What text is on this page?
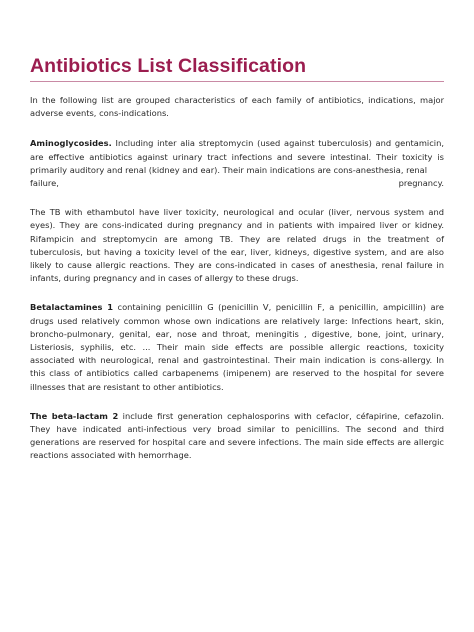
Antibiotics List Classification

In the following list are grouped characteristics of each family of antibiotics, indications, major adverse events, cons-indications.

Aminoglycosides. Including inter alia streptomycin (used against tuberculosis) and gentamicin, are effective antibiotics against urinary tract infections and severe intestinal. Their toxicity is primarily auditory and renal (kidney and ear). Their main indications are cons-anesthesia, renal
failure, pregnancy.

The TB with ethambutol have liver toxicity, neurological and ocular (liver, nervous system and eyes). They are cons-indicated during pregnancy and in patients with impaired liver or kidney. Rifampicin and streptomycin are among TB. They are related drugs in the treatment of tuberculosis, but having a toxicity level of the ear, liver, kidneys, digestive system, and are also likely to cause allergic reactions. They are cons-indicated in cases of anesthesia, renal failure in infants, during pregnancy and in cases of allergy to these drugs.

Betalactamines 1 containing penicillin G (penicillin V, penicillin F, a penicillin, ampicillin) are drugs used relatively common whose own indications are relatively large: Infections heart, skin, broncho-pulmonary, genital, ear, nose and throat, meningitis , digestive, bone, joint, urinary, Listeriosis, syphilis, etc. ... Their main side effects are possible allergic reactions, toxicity associated with neurological, renal and gastrointestinal. Their main indication is cons-allergy. In this class of antibiotics called carbapenems (imipenem) are reserved to the hospital for severe illnesses that are resistant to other antibiotics.

The beta-lactam 2 include first generation cephalosporins with cefaclor, céfapirine, cefazolin. They have indicated anti-infectious very broad similar to penicillins. The second and third generations are reserved for hospital care and severe infections. The main side effects are allergic reactions associated with hemorrhage.
